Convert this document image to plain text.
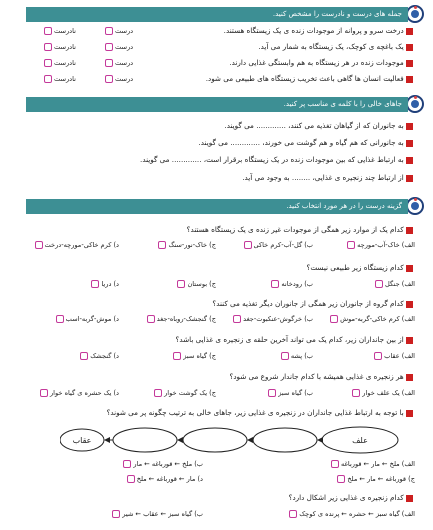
جمله های درست و نادرست را مشخص کنید.
درخت سرو و پروانه از موجودات زنده ی یک زیستگاه هستند.
یک باغچه ی کوچک، یک زیستگاه به شمار می آید.
موجودات زنده در هر زیستگاه به هم وابستگی غذایی دارند.
فعالیت انسان ها گاهی باعث تخریب زیستگاه های طبیعی می شود.
درست
نادرست
درست
نادرست
درست
نادرست
درست
نادرست
جاهای خالی را با کلمه ی مناسب پر کنید.
به جانوران که از گیاهان تغذیه می کنند، ............. می گویند.
به جانورانی که هم گیاه و هم گوشت می خورند، ............. می گویند.
به ارتباط غذایی که بین موجودات زنده در یک زیستگاه برقرار است، ............. می گویند.
از ارتباط چند زنجیره ی غذایی، ........ به وجود می آید.
گزینه درست را در هر مورد انتخاب کنید.
کدام یک از موارد زیر همگی از موجودات غیر زنده ی یک زیستگاه هستند؟
الف) خاک-آب-مورچه
ب) گل-آب-کرم خاکی
ج) خاک-نور-سنگ
د) کرم خاکی-مورچه-درخت
کدام زیستگاه زیر طبیعی نیست؟
الف) جنگل
ب) رودخانه
ج) بوستان
د) دریا
کدام گروه از جانوران زیر همگی از جانوران دیگر تغذیه می کنند؟
الف) کرم خاکی-گربه-موش
ب) خرگوش-عنکبوت-جغد
ج) گنجشک-روباه-جغد
د) موش-گربه-اسب
از بین جانداران زیر، کدام یک می تواند آخرین حلقه ی زنجیره ی غذایی باشد؟
الف) عقاب
ب) پشه
ج) گیاه سبز
د) گنجشک
هر زنجیره ی غذایی همیشه با کدام جاندار شروع می شود؟
الف) یک علف خوار
ب) گیاه سبز
ج) یک گوشت خوار
د) یک حشره ی گیاه خوار
با توجه به ارتباط غذایی جانداران در زنجیره ی غذایی زیر، جاهای خالی به ترتیب چگونه پر می شوند؟
علف
عقاب
الف) ملخ ← مار ← قورباغه
ب) ملخ ← قورباغه ← مار
ج) قورباغه ← مار ← ملخ
د) مار ← قورباغه ← ملخ
کدام زنجیره ی غذایی زیر اشکال دارد؟
الف) گیاه سبز ← حشره ← پرنده ی کوچک
ب) گیاه سبز ← عقاب ← شیر
